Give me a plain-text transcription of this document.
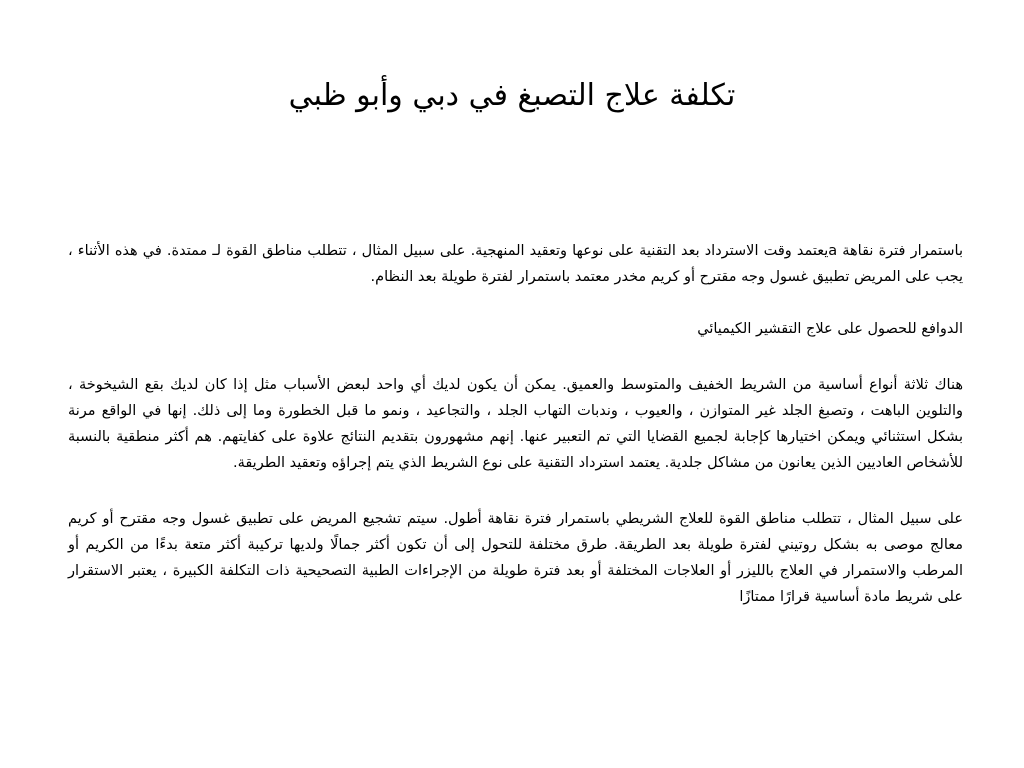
تكلفة علاج التصبغ في دبي وأبو ظبي

باستمرار فترة نقاهة aيعتمد وقت الاسترداد بعد التقنية على نوعها وتعقيد المنهجية. على سبيل المثال ، تتطلب مناطق القوة لـ ممتدة. في هذه الأثناء ، يجب على المريض تطبيق غسول وجه مقترح أو كريم مخدر معتمد باستمرار لفترة طويلة بعد النظام.

الدوافع للحصول على علاج التقشير الكيميائي

هناك ثلاثة أنواع أساسية من الشريط الخفيف والمتوسط والعميق. يمكن أن يكون لديك أي واحد لبعض الأسباب مثل إذا كان لديك بقع الشيخوخة ، والتلوين الباهت ، وتصبغ الجلد غير المتوازن ، والعيوب ، وندبات التهاب الجلد ، والتجاعيد ، ونمو ما قبل الخطورة وما إلى ذلك. إنها في الواقع مرنة بشكل استثنائي ويمكن اختيارها كإجابة لجميع القضايا التي تم التعبير عنها. إنهم مشهورون بتقديم النتائج علاوة على كفايتهم. هم أكثر منطقية بالنسبة للأشخاص العاديين الذين يعانون من مشاكل جلدية. يعتمد استرداد التقنية على نوع الشريط الذي يتم إجراؤه وتعقيد الطريقة.

على سبيل المثال ، تتطلب مناطق القوة للعلاج الشريطي باستمرار فترة نقاهة أطول. سيتم تشجيع المريض على تطبيق غسول وجه مقترح أو كريم معالج موصى به بشكل روتيني لفترة طويلة بعد الطريقة. طرق مختلفة للتحول إلى أن تكون أكثر جمالًا ولديها تركيبة أكثر متعة بدءًا من الكريم أو المرطب والاستمرار في العلاج بالليزر أو العلاجات المختلفة أو بعد فترة طويلة من الإجراءات الطبية التصحيحية ذات التكلفة الكبيرة ، يعتبر الاستقرار على شريط مادة أساسية قرارًا ممتازًا
